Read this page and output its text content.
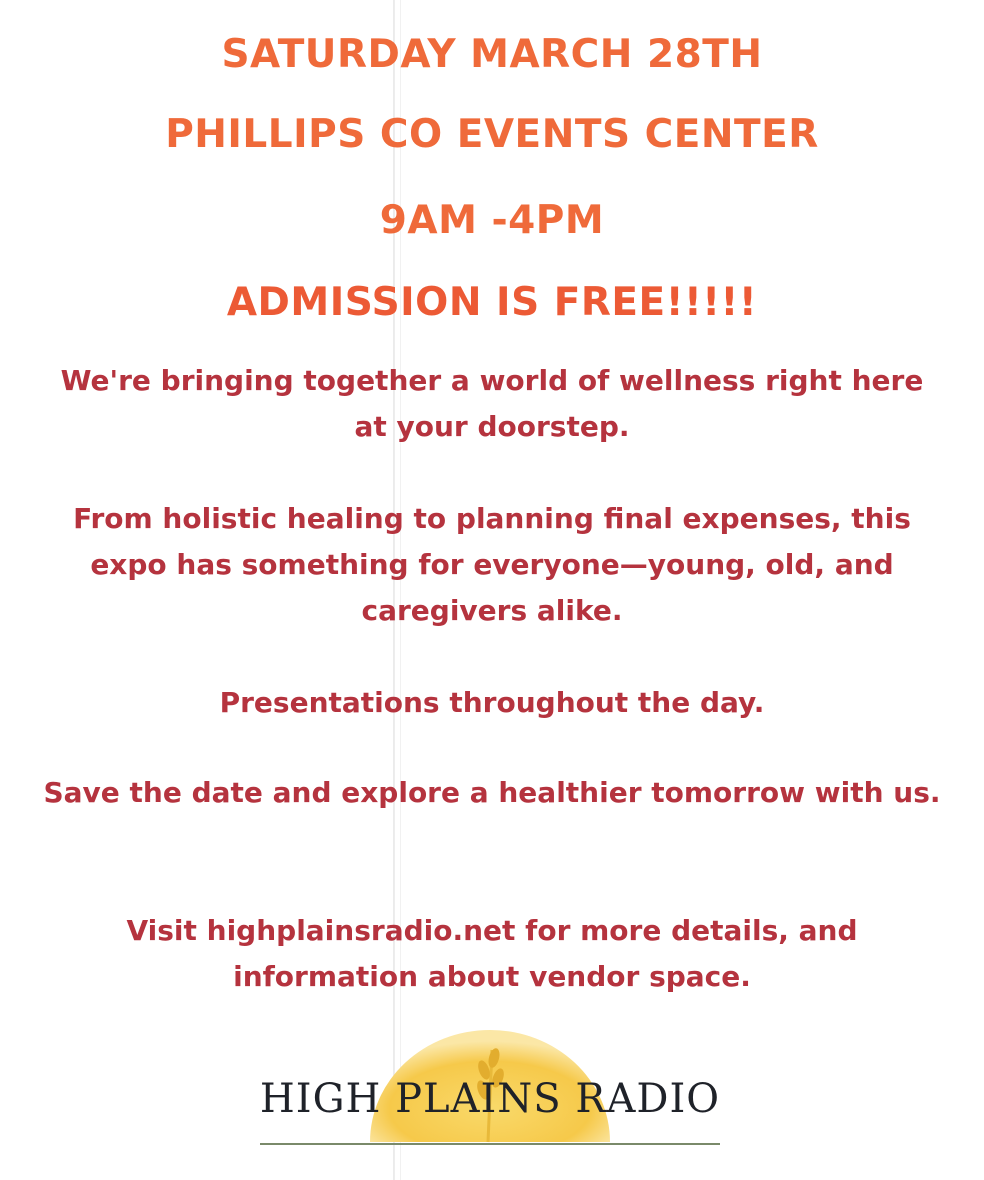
SATURDAY MARCH 28TH
PHILLIPS CO EVENTS CENTER
9AM -4PM
ADMISSION IS FREE!!!!!
We're bringing together a world of wellness right here at your doorstep.
From holistic healing to planning final expenses, this expo has something for everyone—young, old, and caregivers alike.
Presentations throughout the day.
Save the date and explore a healthier tomorrow with us.
Visit highplainsradio.net for more details, and information about vendor space.
HIGH PLAINS RADIO
